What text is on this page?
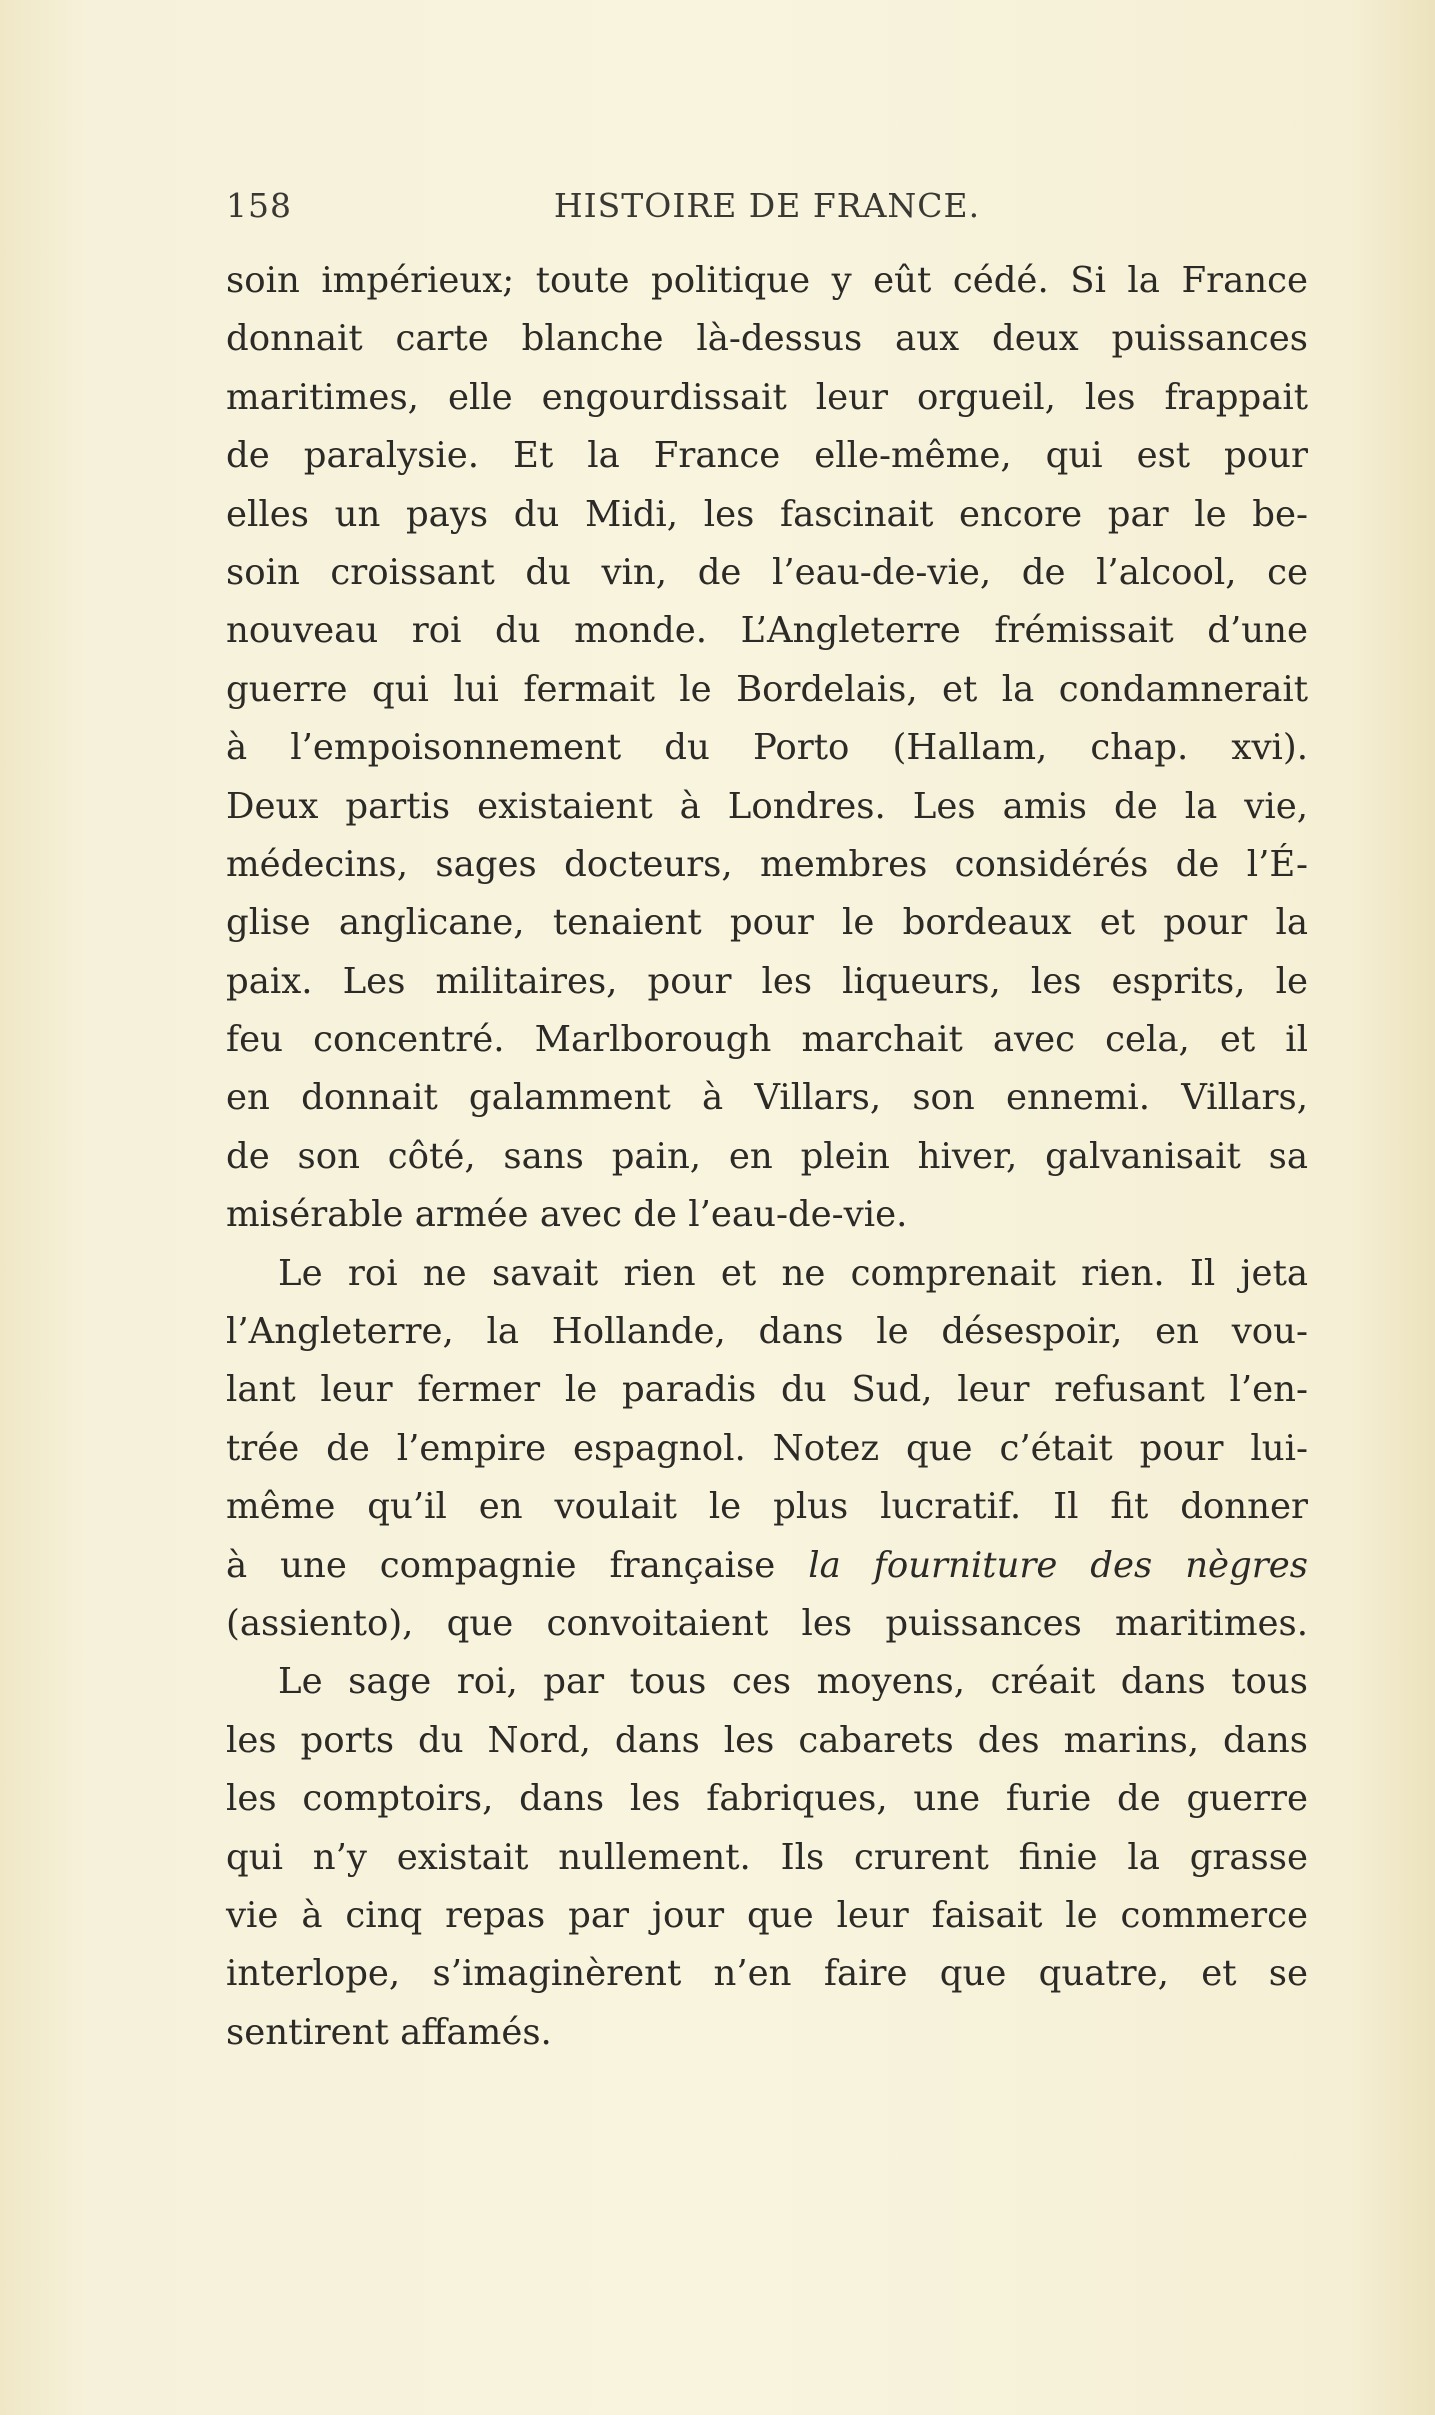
158	HISTOIRE DE FRANCE.
soin impérieux; toute politique y eût cédé. Si la France
donnait carte blanche là-dessus aux deux puissances
maritimes, elle engourdissait leur orgueil, les frappait
de paralysie. Et la France elle-même, qui est pour
elles un pays du Midi, les fascinait encore par le be-
soin croissant du vin, de l’eau-de-vie, de l’alcool, ce
nouveau roi du monde. L’Angleterre frémissait d’une
guerre qui lui fermait le Bordelais, et la condamnerait
à l’empoisonnement du Porto (Hallam, chap. xvi).
Deux partis existaient à Londres. Les amis de la vie,
médecins, sages docteurs, membres considérés de l’É-
glise anglicane, tenaient pour le bordeaux et pour la
paix. Les militaires, pour les liqueurs, les esprits, le
feu concentré. Marlborough marchait avec cela, et il
en donnait galamment à Villars, son ennemi. Villars,
de son côté, sans pain, en plein hiver, galvanisait sa
misérable armée avec de l’eau-de-vie.
Le roi ne savait rien et ne comprenait rien. Il jeta
l’Angleterre, la Hollande, dans le désespoir, en vou-
lant leur fermer le paradis du Sud, leur refusant l’en-
trée de l’empire espagnol. Notez que c’était pour lui-
même qu’il en voulait le plus lucratif. Il fit donner
à une compagnie française la fourniture des nègres
(assiento), que convoitaient les puissances maritimes.
Le sage roi, par tous ces moyens, créait dans tous
les ports du Nord, dans les cabarets des marins, dans
les comptoirs, dans les fabriques, une furie de guerre
qui n’y existait nullement. Ils crurent finie la grasse
vie à cinq repas par jour que leur faisait le commerce
interlope, s’imaginèrent n’en faire que quatre, et se
sentirent affamés.
